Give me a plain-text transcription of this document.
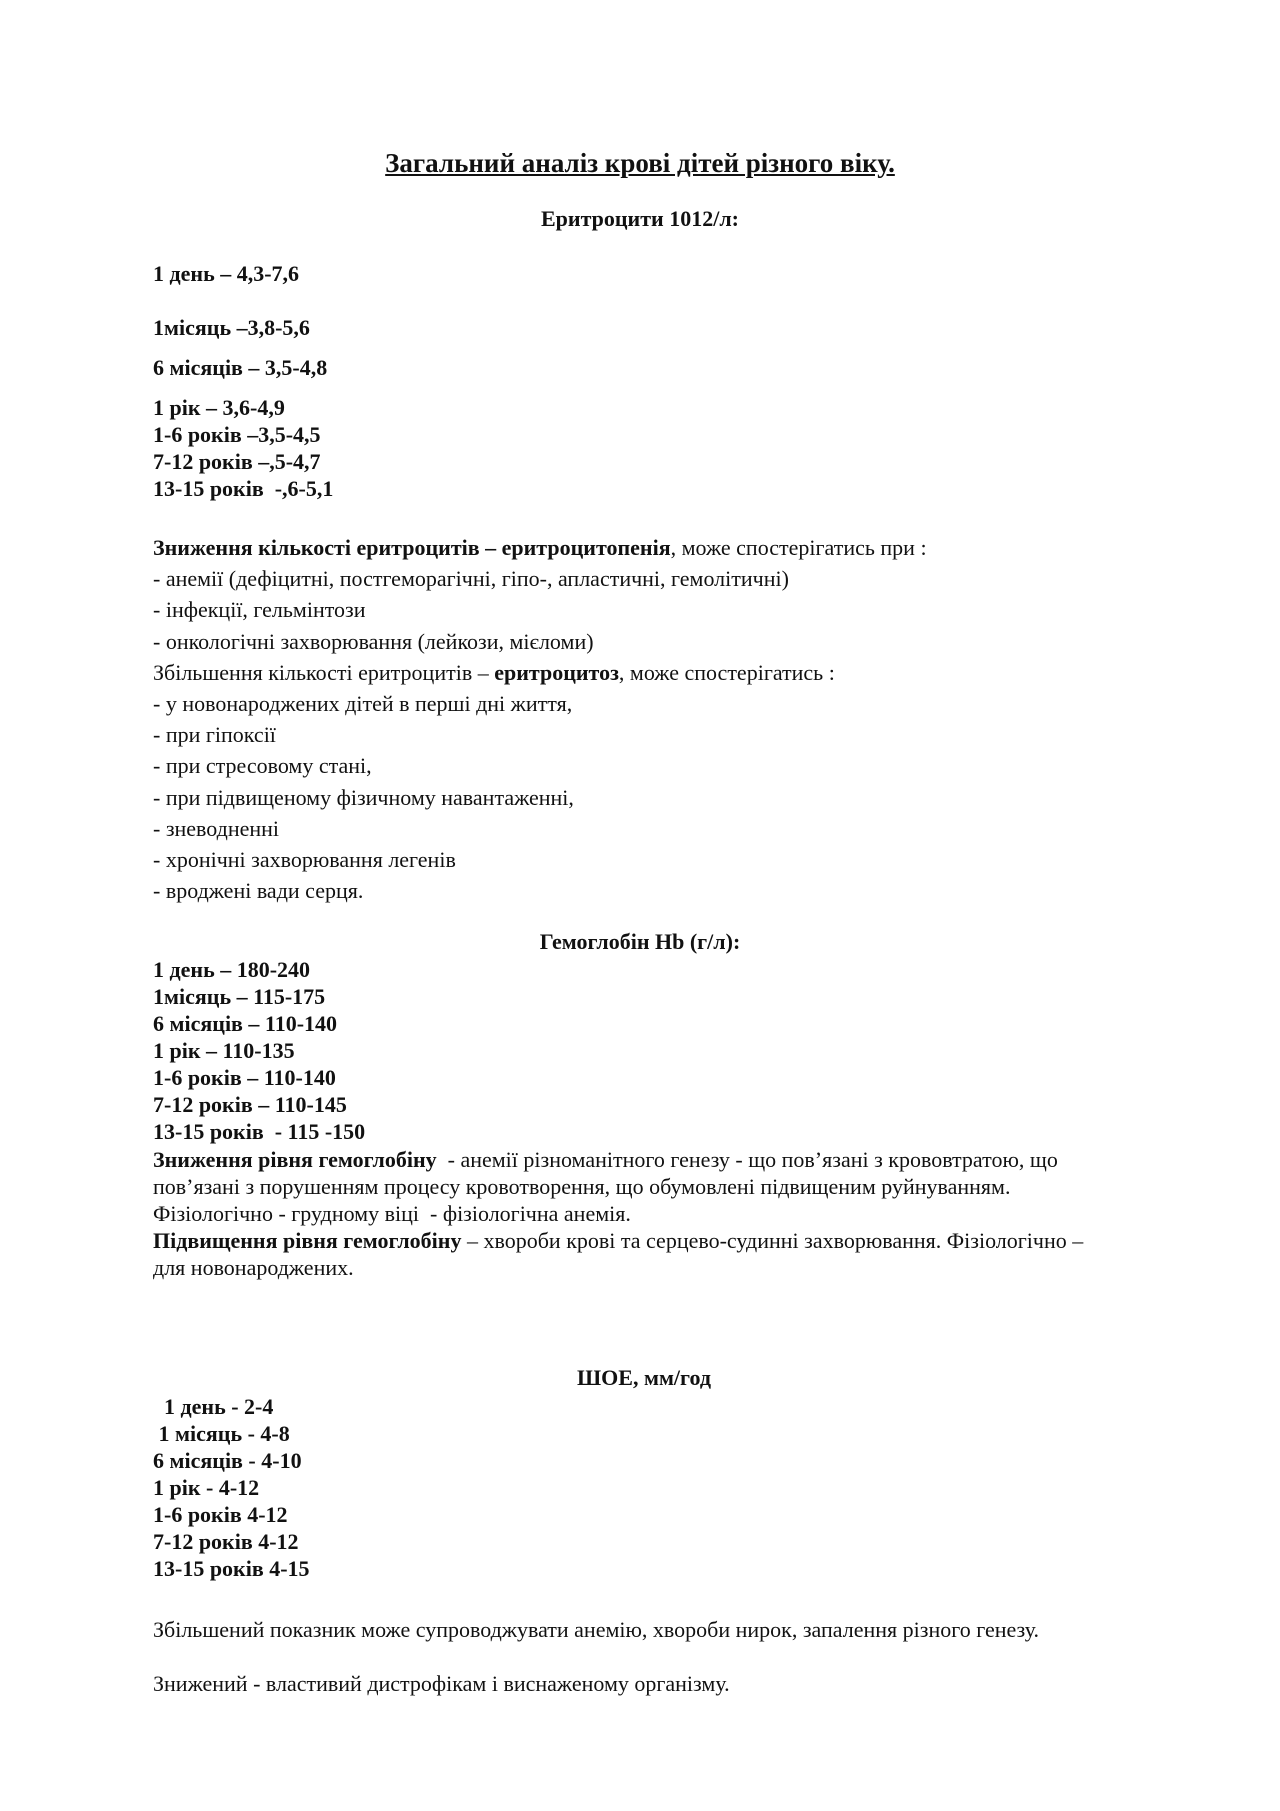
Загальний аналіз крові дітей різного віку.
Еритроцити 1012/л:
1 день – 4,3-7,6
1місяць –3,8-5,6
6 місяців – 3,5-4,8
1 рік – 3,6-4,9
1-6 років –3,5-4,5
7-12 років –,5-4,7
13-15 років  -,6-5,1
Зниження кількості еритроцитів – еритроцитопенія, може спостерігатись при :
- анемії (дефіцитні, постгеморагічні, гіпо-, апластичні, гемолітичні)
- інфекції, гельмінтози
- онкологічні захворювання (лейкози, мієломи)
Збільшення кількості еритроцитів – еритроцитоз, може спостерігатись :
- у новонароджених дітей в перші дні життя,
- при гіпоксії
- при стресовому стані,
- при підвищеному фізичному навантаженні,
- зневодненні
- хронічні захворювання легенів
- вроджені вади серця.
Гемоглобін Hb (г/л):
1 день – 180-240
1місяць – 115-175
6 місяців – 110-140
1 рік – 110-135
1-6 років – 110-140
7-12 років – 110-145
13-15 років  - 115 -150
Зниження рівня гемоглобіну  - анемії різноманітного генезу - що пов’язані з крововтратою, що
пов’язані з порушенням процесу кровотворення, що обумовлені підвищеним руйнуванням.
Фізіологічно - грудному віці  - фізіологічна анемія.
Підвищення рівня гемоглобіну – хвороби крові та серцево-судинні захворювання. Фізіологічно –
для новонароджених.
ШОЕ, мм/год
1 день - 2-4
1 місяць - 4-8
6 місяців - 4-10
1 рік - 4-12
1-6 років 4-12
7-12 років 4-12
13-15 років 4-15
Збільшений показник може супроводжувати анемію, хвороби нирок, запалення різного генезу.
Знижений - властивий дистрофікам і виснаженому організму.
